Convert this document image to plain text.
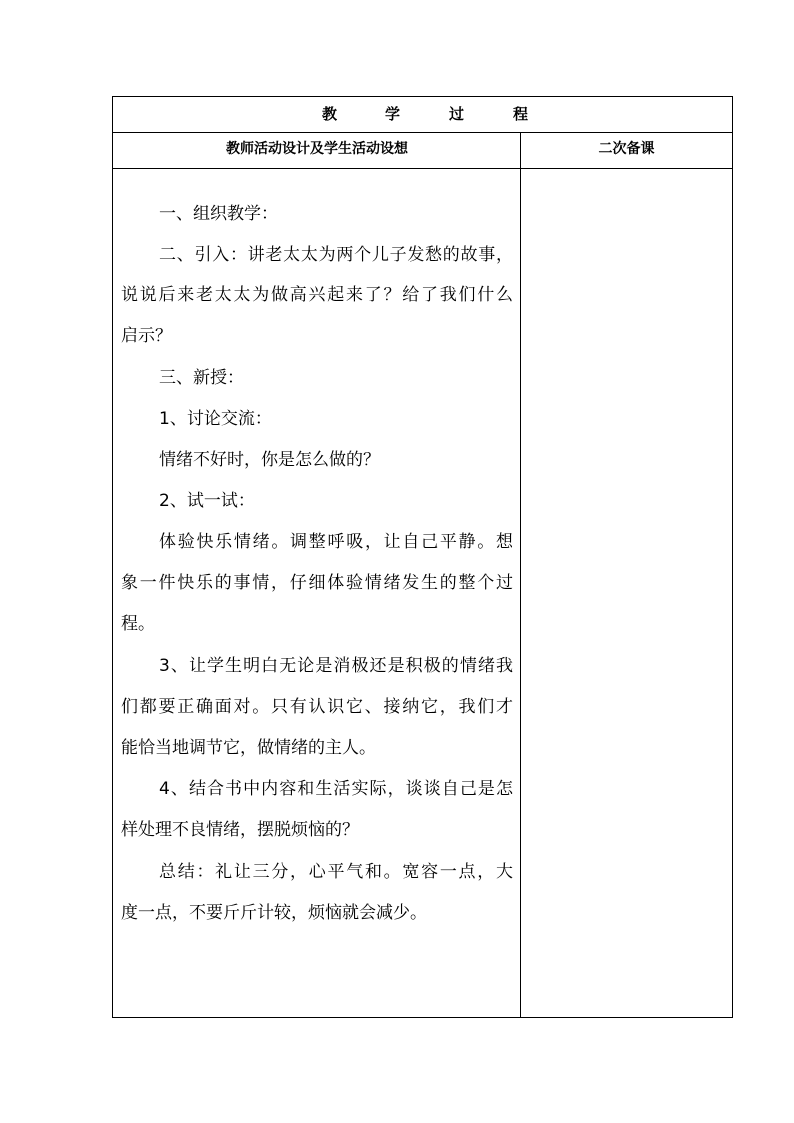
教	学	过	程
教师活动设计及学生活动设想	二次备课
一、组织教学：
二、引入：讲老太太为两个儿子发愁的故事，
说说后来老太太为做高兴起来了？给了我们什么
启示？
三、新授：
1、讨论交流：
情绪不好时，你是怎么做的？
2、试一试：
体验快乐情绪。调整呼吸，让自己平静。想
象一件快乐的事情，仔细体验情绪发生的整个过
程。
3、让学生明白无论是消极还是积极的情绪我
们都要正确面对。只有认识它、接纳它，我们才
能恰当地调节它，做情绪的主人。
4、结合书中内容和生活实际，谈谈自己是怎
样处理不良情绪，摆脱烦恼的？
总结：礼让三分，心平气和。宽容一点，大
度一点，不要斤斤计较，烦恼就会减少。
